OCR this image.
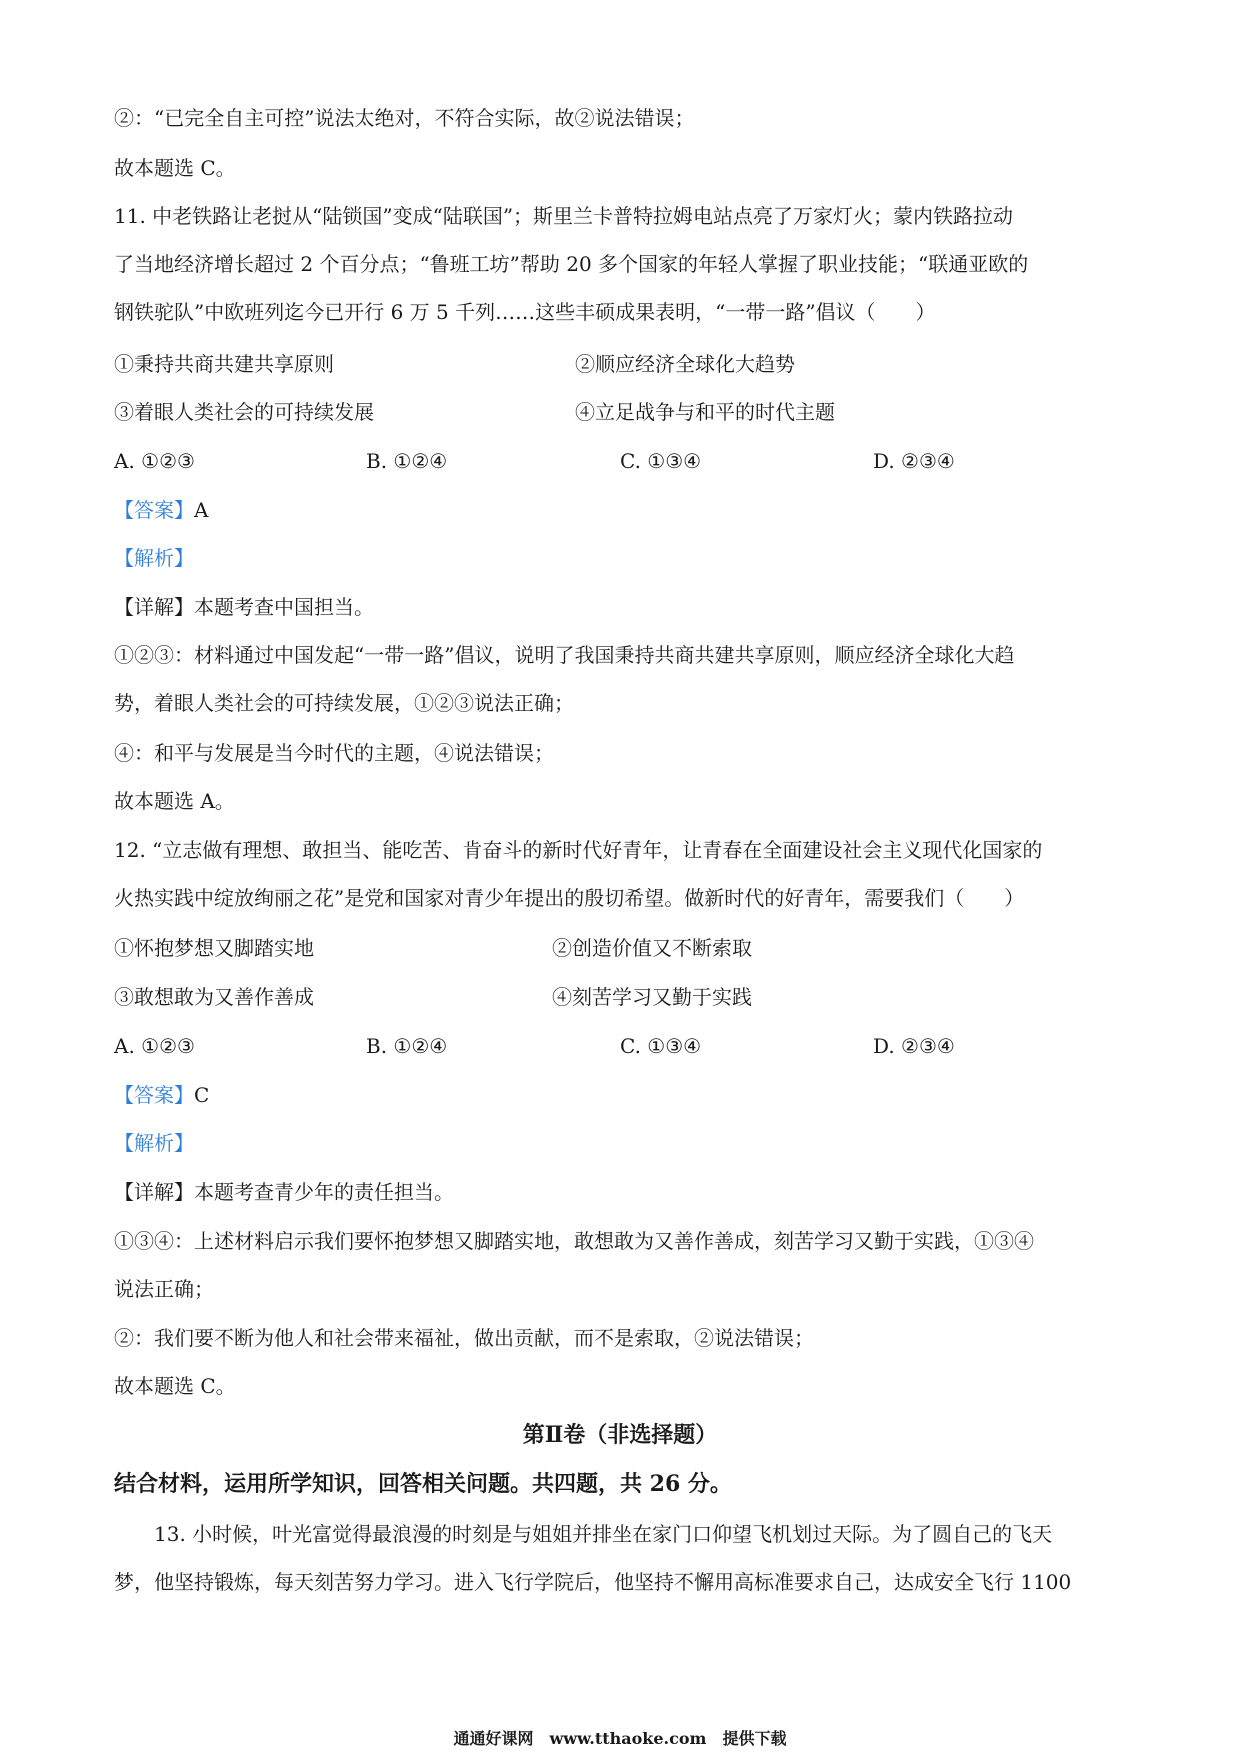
②：“已完全自主可控”说法太绝对，不符合实际，故②说法错误；
故本题选 C。
11. 中老铁路让老挝从“陆锁国”变成“陆联国”；斯里兰卡普特拉姆电站点亮了万家灯火；蒙内铁路拉动
了当地经济增长超过 2 个百分点；“鲁班工坊”帮助 20 多个国家的年轻人掌握了职业技能；“联通亚欧的
钢铁驼队”中欧班列迄今已开行 6 万 5 千列……这些丰硕成果表明，“一带一路”倡议（　　）
①秉持共商共建共享原则	②顺应经济全球化大趋势
③着眼人类社会的可持续发展	④立足战争与和平的时代主题
A. ①②③	B. ①②④	C. ①③④	D. ②③④
【答案】A
【解析】
【详解】本题考查中国担当。
①②③：材料通过中国发起“一带一路”倡议，说明了我国秉持共商共建共享原则，顺应经济全球化大趋
势，着眼人类社会的可持续发展，①②③说法正确；
④：和平与发展是当今时代的主题，④说法错误；
故本题选 A。
12. “立志做有理想、敢担当、能吃苦、肯奋斗的新时代好青年，让青春在全面建设社会主义现代化国家的
火热实践中绽放绚丽之花”是党和国家对青少年提出的殷切希望。做新时代的好青年，需要我们（　　）
①怀抱梦想又脚踏实地	②创造价值又不断索取
③敢想敢为又善作善成	④刻苦学习又勤于实践
A. ①②③	B. ①②④	C. ①③④	D. ②③④
【答案】C
【解析】
【详解】本题考查青少年的责任担当。
①③④：上述材料启示我们要怀抱梦想又脚踏实地，敢想敢为又善作善成，刻苦学习又勤于实践，①③④
说法正确；
②：我们要不断为他人和社会带来福祉，做出贡献，而不是索取，②说法错误；
故本题选 C。
第Ⅱ卷（非选择题）
结合材料，运用所学知识，回答相关问题。共四题，共 26 分。
13. 小时候，叶光富觉得最浪漫的时刻是与姐姐并排坐在家门口仰望飞机划过天际。为了圆自己的飞天
梦，他坚持锻炼，每天刻苦努力学习。进入飞行学院后，他坚持不懈用高标准要求自己，达成安全飞行 1100
通通好课网　www.tthaoke.com　提供下载
